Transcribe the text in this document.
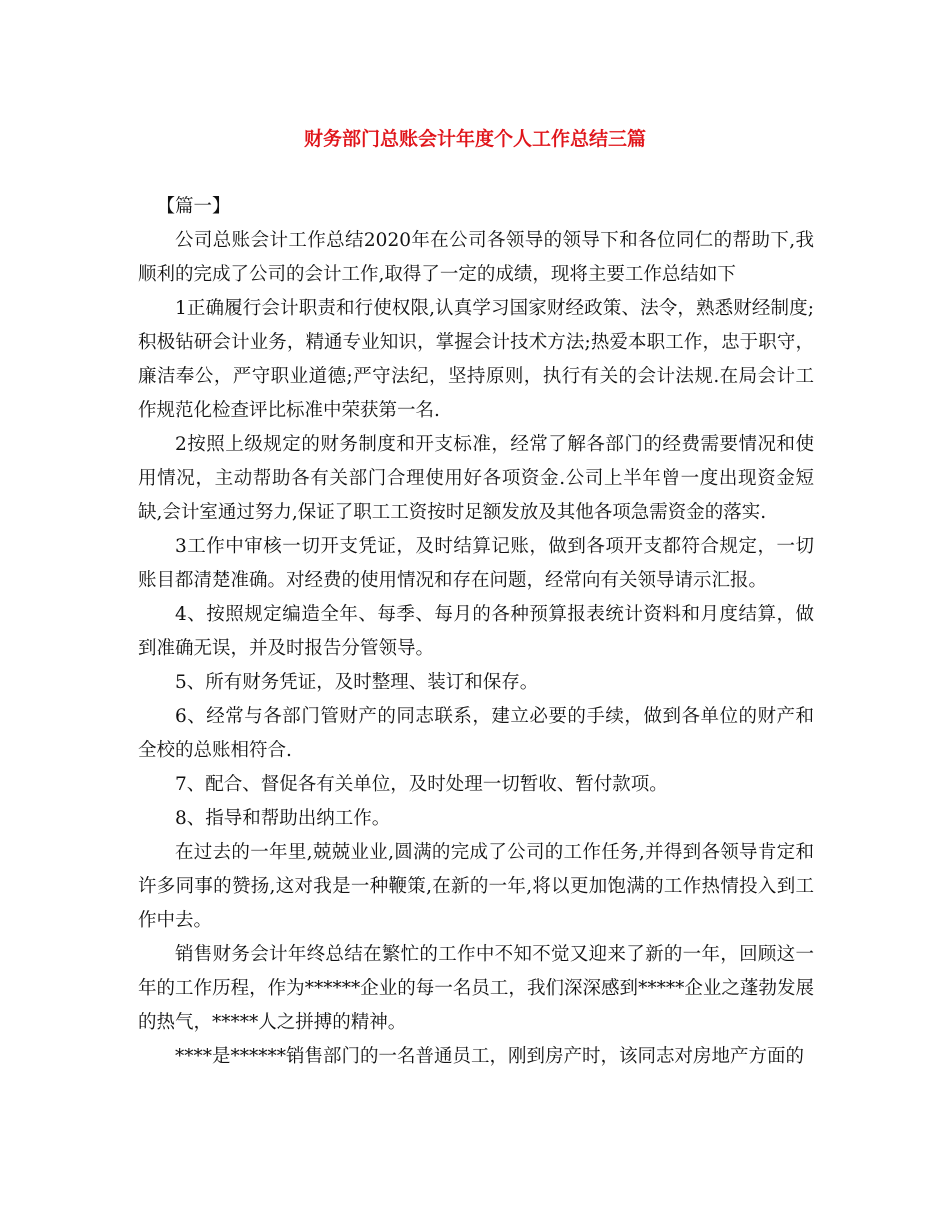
财务部门总账会计年度个人工作总结三篇

【篇一】

公司总账会计工作总结2020年在公司各领导的领导下和各位同仁的帮助下,我顺利的完成了公司的会计工作,取得了一定的成绩，现将主要工作总结如下

1正确履行会计职责和行使权限,认真学习国家财经政策、法令，熟悉财经制度;积极钻研会计业务，精通专业知识，掌握会计技术方法;热爱本职工作，忠于职守，廉洁奉公，严守职业道德;严守法纪，坚持原则，执行有关的会计法规.在局会计工作规范化检查评比标准中荣获第一名.

2按照上级规定的财务制度和开支标准，经常了解各部门的经费需要情况和使用情况，主动帮助各有关部门合理使用好各项资金.公司上半年曾一度出现资金短缺,会计室通过努力,保证了职工工资按时足额发放及其他各项急需资金的落实.

3工作中审核一切开支凭证，及时结算记账，做到各项开支都符合规定，一切账目都清楚准确。对经费的使用情况和存在问题，经常向有关领导请示汇报。

4、按照规定编造全年、每季、每月的各种预算报表统计资料和月度结算，做到准确无误，并及时报告分管领导。

5、所有财务凭证，及时整理、装订和保存。

6、经常与各部门管财产的同志联系，建立必要的手续，做到各单位的财产和全校的总账相符合.

7、配合、督促各有关单位，及时处理一切暂收、暂付款项。

8、指导和帮助出纳工作。

在过去的一年里,兢兢业业,圆满的完成了公司的工作任务,并得到各领导肯定和许多同事的赞扬,这对我是一种鞭策,在新的一年,将以更加饱满的工作热情投入到工作中去。

销售财务会计年终总结在繁忙的工作中不知不觉又迎来了新的一年，回顾这一年的工作历程，作为******企业的每一名员工，我们深深感到*****企业之蓬勃发展的热气，*****人之拼搏的精神。

****是******销售部门的一名普通员工，刚到房产时，该同志对房地产方面的
